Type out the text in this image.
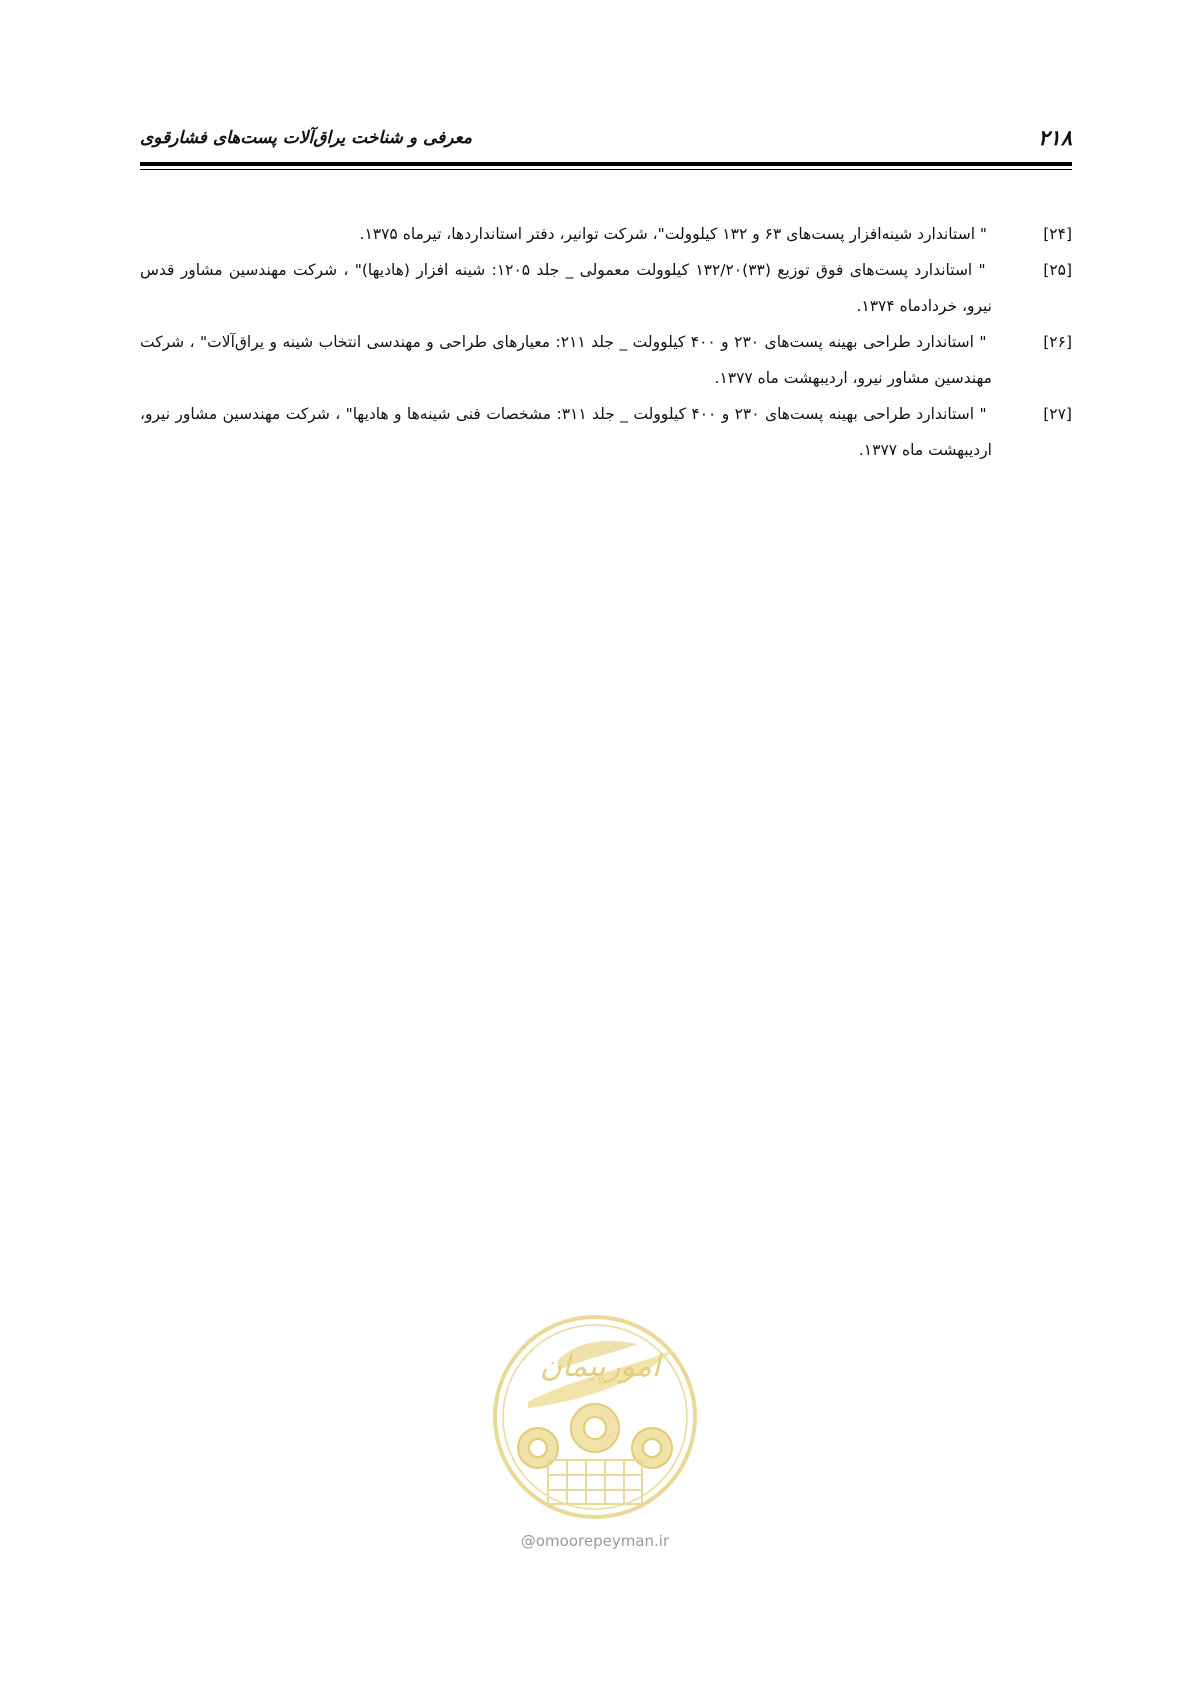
۲۱۸
معرفی و شناخت یراق‌آلات پست‌های فشارقوی

[۲۴] " استاندارد شینه‌افزار پست‌های ۶۳ و ۱۳۲ کیلوولت"، شرکت توانیر، دفتر استانداردها، تیرماه ۱۳۷۵.

[۲۵] " استاندارد پست‌های فوق توزیع (۳۳)۱۳۲/۲۰ کیلوولت معمولی _ جلد ۱۲۰۵: شینه افزار (هادیها)" ، شرکت مهندسین مشاور قدس نیرو، خردادماه ۱۳۷۴.

[۲۶] " استاندارد طراحی بهینه پست‌های ۲۳۰ و ۴۰۰ کیلوولت _ جلد ۲۱۱: معیارهای طراحی و مهندسی انتخاب شینه و یراق‌آلات" ، شرکت مهندسین مشاور نیرو، اردیبهشت ماه ۱۳۷۷.

[۲۷] " استاندارد طراحی بهینه پست‌های ۲۳۰ و ۴۰۰ کیلوولت _ جلد ۳۱۱: مشخصات فنی شینه‌ها و هادیها" ، شرکت مهندسین مشاور نیرو، اردیبهشت ماه ۱۳۷۷.

امورپیمان
@omoorepeyman.ir
